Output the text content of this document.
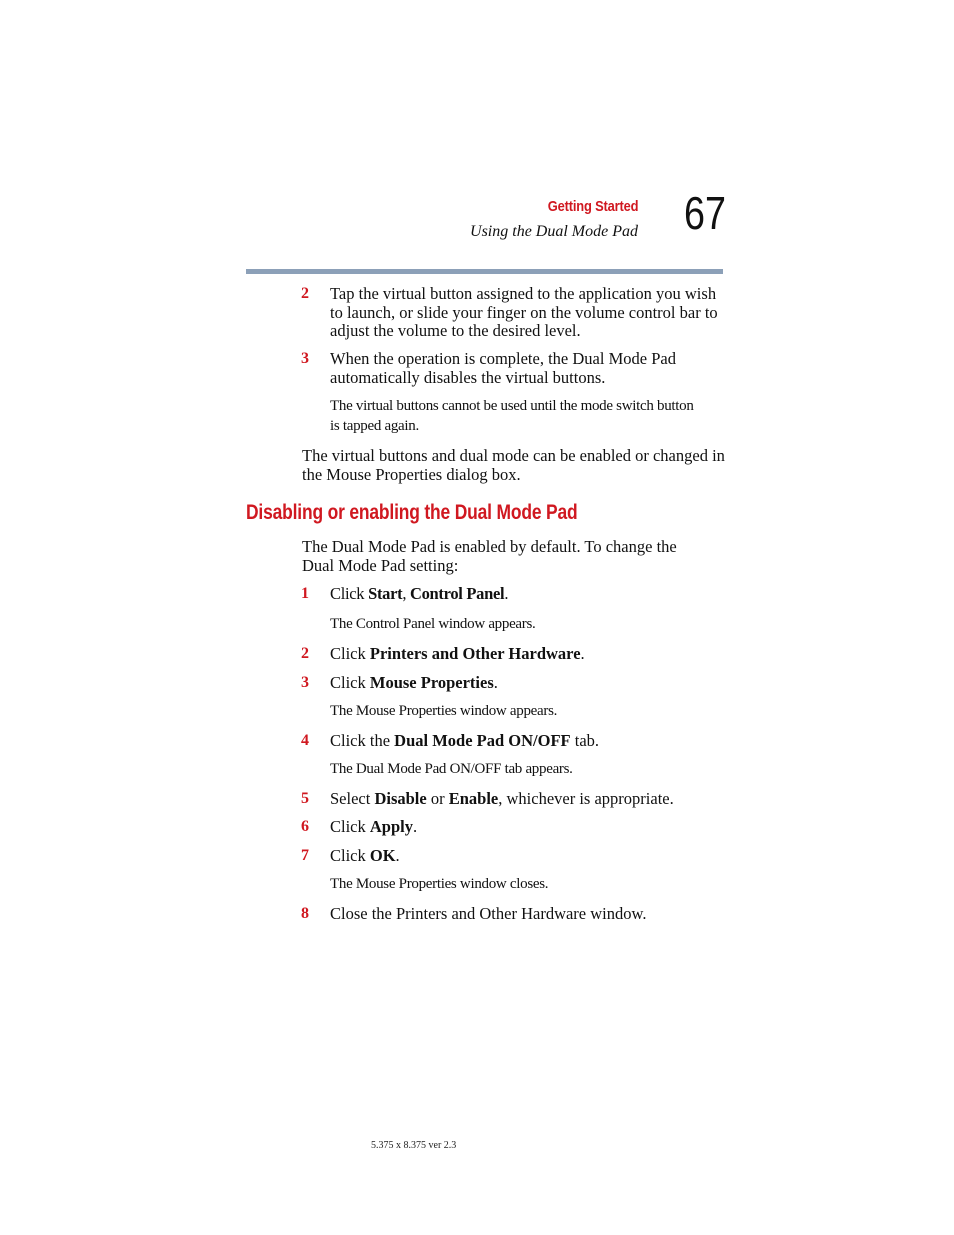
Getting Started
Using the Dual Mode Pad 67
2	Tap the virtual button assigned to the application you wish to launch, or slide your finger on the volume control bar to adjust the volume to the desired level.
3	When the operation is complete, the Dual Mode Pad automatically disables the virtual buttons.
The virtual buttons cannot be used until the mode switch button is tapped again.
The virtual buttons and dual mode can be enabled or changed in the Mouse Properties dialog box.
Disabling or enabling the Dual Mode Pad
The Dual Mode Pad is enabled by default. To change the Dual Mode Pad setting:
1	Click Start, Control Panel.
The Control Panel window appears.
2	Click Printers and Other Hardware.
3	Click Mouse Properties.
The Mouse Properties window appears.
4	Click the Dual Mode Pad ON/OFF tab.
The Dual Mode Pad ON/OFF tab appears.
5	Select Disable or Enable, whichever is appropriate.
6	Click Apply.
7	Click OK.
The Mouse Properties window closes.
8	Close the Printers and Other Hardware window.
5.375 x 8.375 ver 2.3
